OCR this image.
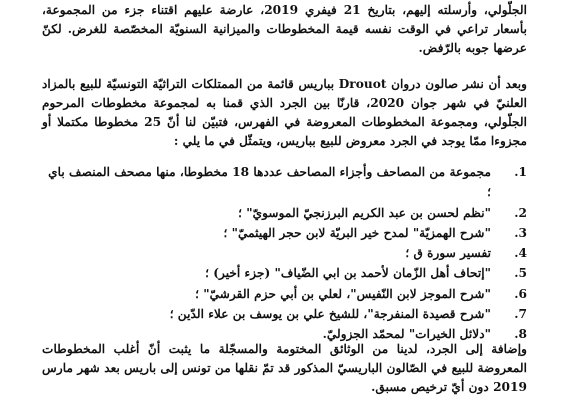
الجلّولي، وأرسلته إليهم، بتاريخ 21 فيفري 2019، عارضة عليهم اقتناء جزء من المجموعة، بأسعار تراعي في الوقت نفسه قيمة المخطوطات والميزانية السنويّة المخصّصة للغرض. لكنّ عرضها جوبه بالرّفض.

وبعد أن نشر صالون دروان Drouot بباريس قائمة من الممتلكات التراثيّة التونسيّة للبيع بالمزاد العلنيّ في شهر جوان 2020، قارنّا بين الجرد الذي قمنا به لمجموعة مخطوطات المرحوم الجلّولي، ومجموعة المخطوطات المعروضة في الفهرس، فتبيّن لنا أنّ 25 مخطوطا مكتملا أو مجزوءا ممّا يوجد في الجرد معروض للبيع بباريس، ويتمثّل في ما يلي :

1.
مجموعة من المصاحف وأجزاء المصاحف عددها 18 مخطوطا، منها مصحف المنصف باي ؛
2.
"نظم لحسن بن عبد الكريم البرزنجيّ الموسويّ" ؛
3.
"شرح الهمزيّة" لمدح خير البريّة لابن حجر الهيثميّ" ؛
4.
تفسير سورة ق ؛
5.
"إتحاف أهل الزّمان لأحمد بن ابي الضّياف" (جزء أخير) ؛
6.
"شرح الموجز لابن النّفيس"، لعلي بن أبي حزم القرشيّ" ؛
7.
"شرح قصيدة المنفرجة"، للشيخ علي بن يوسف بن علاء الدّين ؛
8.
"دلائل الخيرات" لمحمّد الجزوليّ.

وإضافة إلى الجرد، لدينا من الوثائق المختومة والمسجّلة ما يثبت أنّ أغلب المخطوطات المعروضة للبيع في الصّالون الباريسيّ المذكور قد تمّ نقلها من تونس إلى باريس بعد شهر مارس 2019 دون أيّ ترخيص مسبق.
